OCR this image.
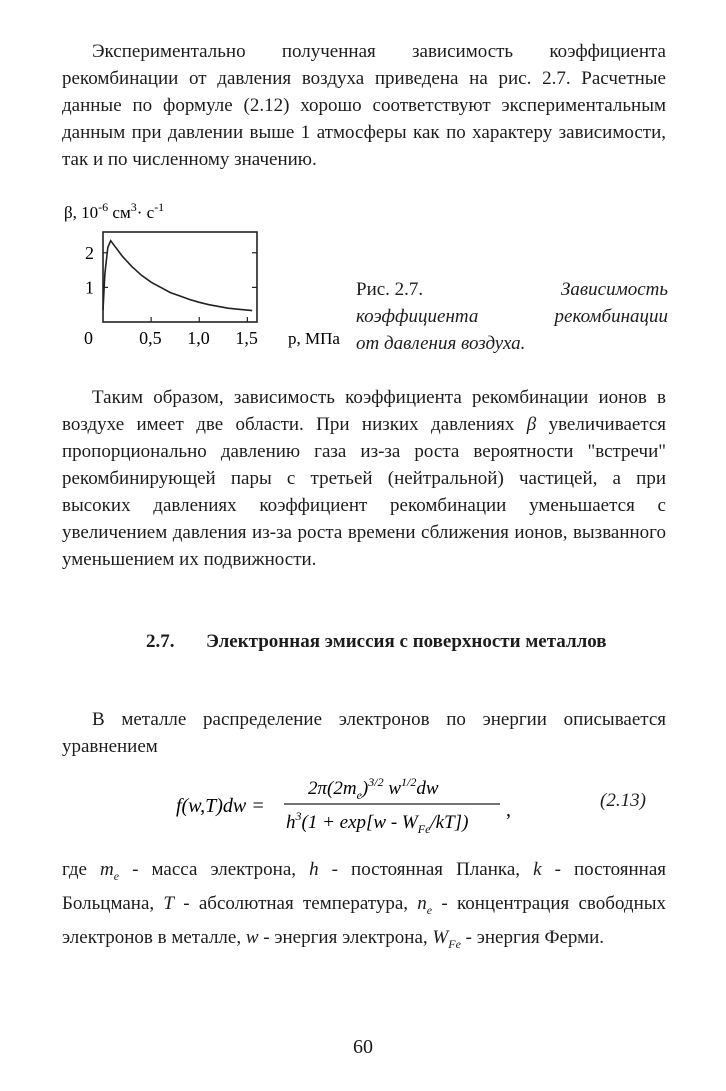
Экспериментально полученная зависимость коэффициента рекомбинации от давления воздуха приведена на рис. 2.7. Расчетные данные по формуле (2.12) хорошо соответствуют экспериментальным данным при давлении выше 1 атмосферы как по характеру зависимости, так и по численному значению.

β, $10^{-6}$ $см^3\cdot с^{-1}$
1
2
0	0,5 1,0 1,5 p, МПа
Рис. 2.7.	Зависимость
коэффициента	рекомбинации
от давления воздуха.

Таким образом, зависимость коэффициента рекомбинации ионов в воздухе имеет две области. При низких давлениях β увеличивается пропорционально давлению газа из-за роста вероятности "встречи" рекомбинирующей пары с третьей (нейтральной) частицей, а при высоких давлениях коэффициент рекомбинации уменьшается с увеличением давления из-за роста времени сближения ионов, вызванного уменьшением их подвижности.

2.7. Электронная эмиссия с поверхности металлов

В металле распределение электронов по энергии описывается уравнением

f(w,T)dw =
$2\pi(2m_e)^{3/2}$ $w^{1/2}dw$
$h^3(1 + \exp[w - W_{Fe}/kT])$
,	(2.13)

где $m_e$ - масса электрона, h - постоянная Планка, k - постоянная Больцмана, T - абсолютная температура, $n_e$ - концентрация свободных электронов в металле, w - энергия электрона, $W_{Fe}$ - энергия Ферми.

60
